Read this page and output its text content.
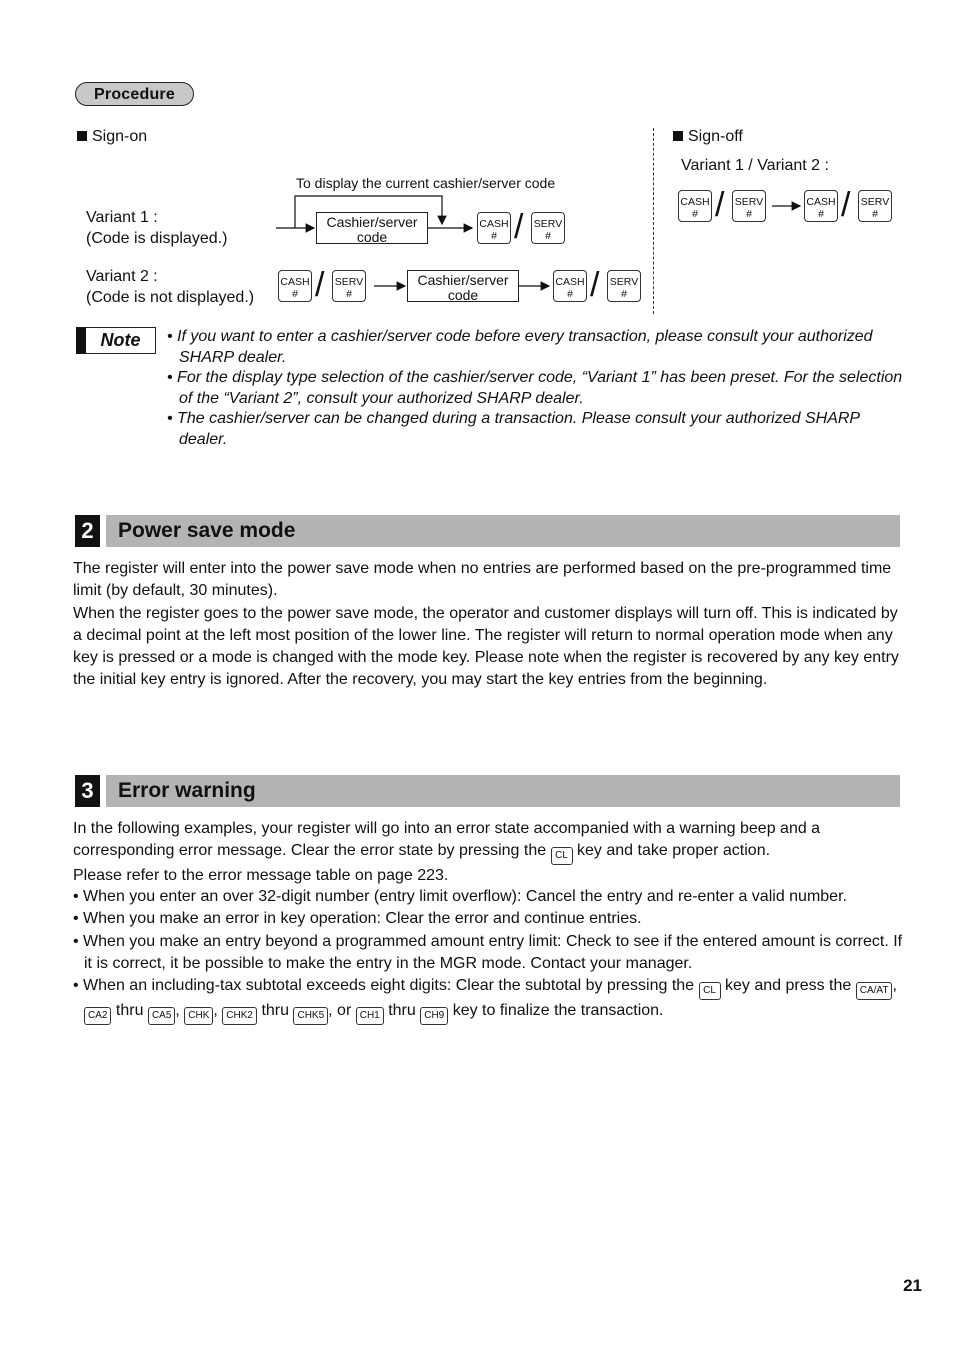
Procedure
Sign-on	Sign-off
Variant 1 / Variant 2 :
To display the current cashier/server code
Variant 1 :
(Code is displayed.)
Variant 2 :
(Code is not displayed.)
Cashier/server
code
CASH
# / SERV
#
CASH
# / SERV
#
Cashier/server
code
CASH
# / SERV
#
CASH
# / SERV
#
CASH
# / SERV
#
Note	• If you want to enter a cashier/server code before every transaction, please consult your authorized SHARP dealer.
• For the display type selection of the cashier/server code, “Variant 1” has been preset. For the selection of the “Variant 2”, consult your authorized SHARP dealer.
• The cashier/server can be changed during a transaction. Please consult your authorized SHARP dealer.
2	Power save mode

The register will enter into the power save mode when no entries are performed based on the pre-programmed time limit (by default, 30 minutes).

When the register goes to the power save mode, the operator and customer displays will turn off. This is indicated by a decimal point at the left most position of the lower line. The register will return to normal operation mode when any key is pressed or a mode is changed with the mode key. Please note when the register is recovered by any key entry the initial key entry is ignored. After the recovery, you may start the key entries from the beginning.

3	Error warning

In the following examples, your register will go into an error state accompanied with a warning beep and a corresponding error message. Clear the error state by pressing the CL key and take proper action.

Please refer to the error message table on page 223.

• When you enter an over 32-digit number (entry limit overflow): Cancel the entry and re-enter a valid number.
• When you make an error in key operation: Clear the error and continue entries.
• When you make an entry beyond a programmed amount entry limit: Check to see if the entered amount is correct. If it is correct, it be possible to make the entry in the MGR mode. Contact your manager.
• When an including-tax subtotal exceeds eight digits: Clear the subtotal by pressing the CL key and press the CA/AT , CA2 thru CA5 , CHK , CHK2 thru CHK5 , or CH1 thru CH9 key to finalize the transaction.
21
